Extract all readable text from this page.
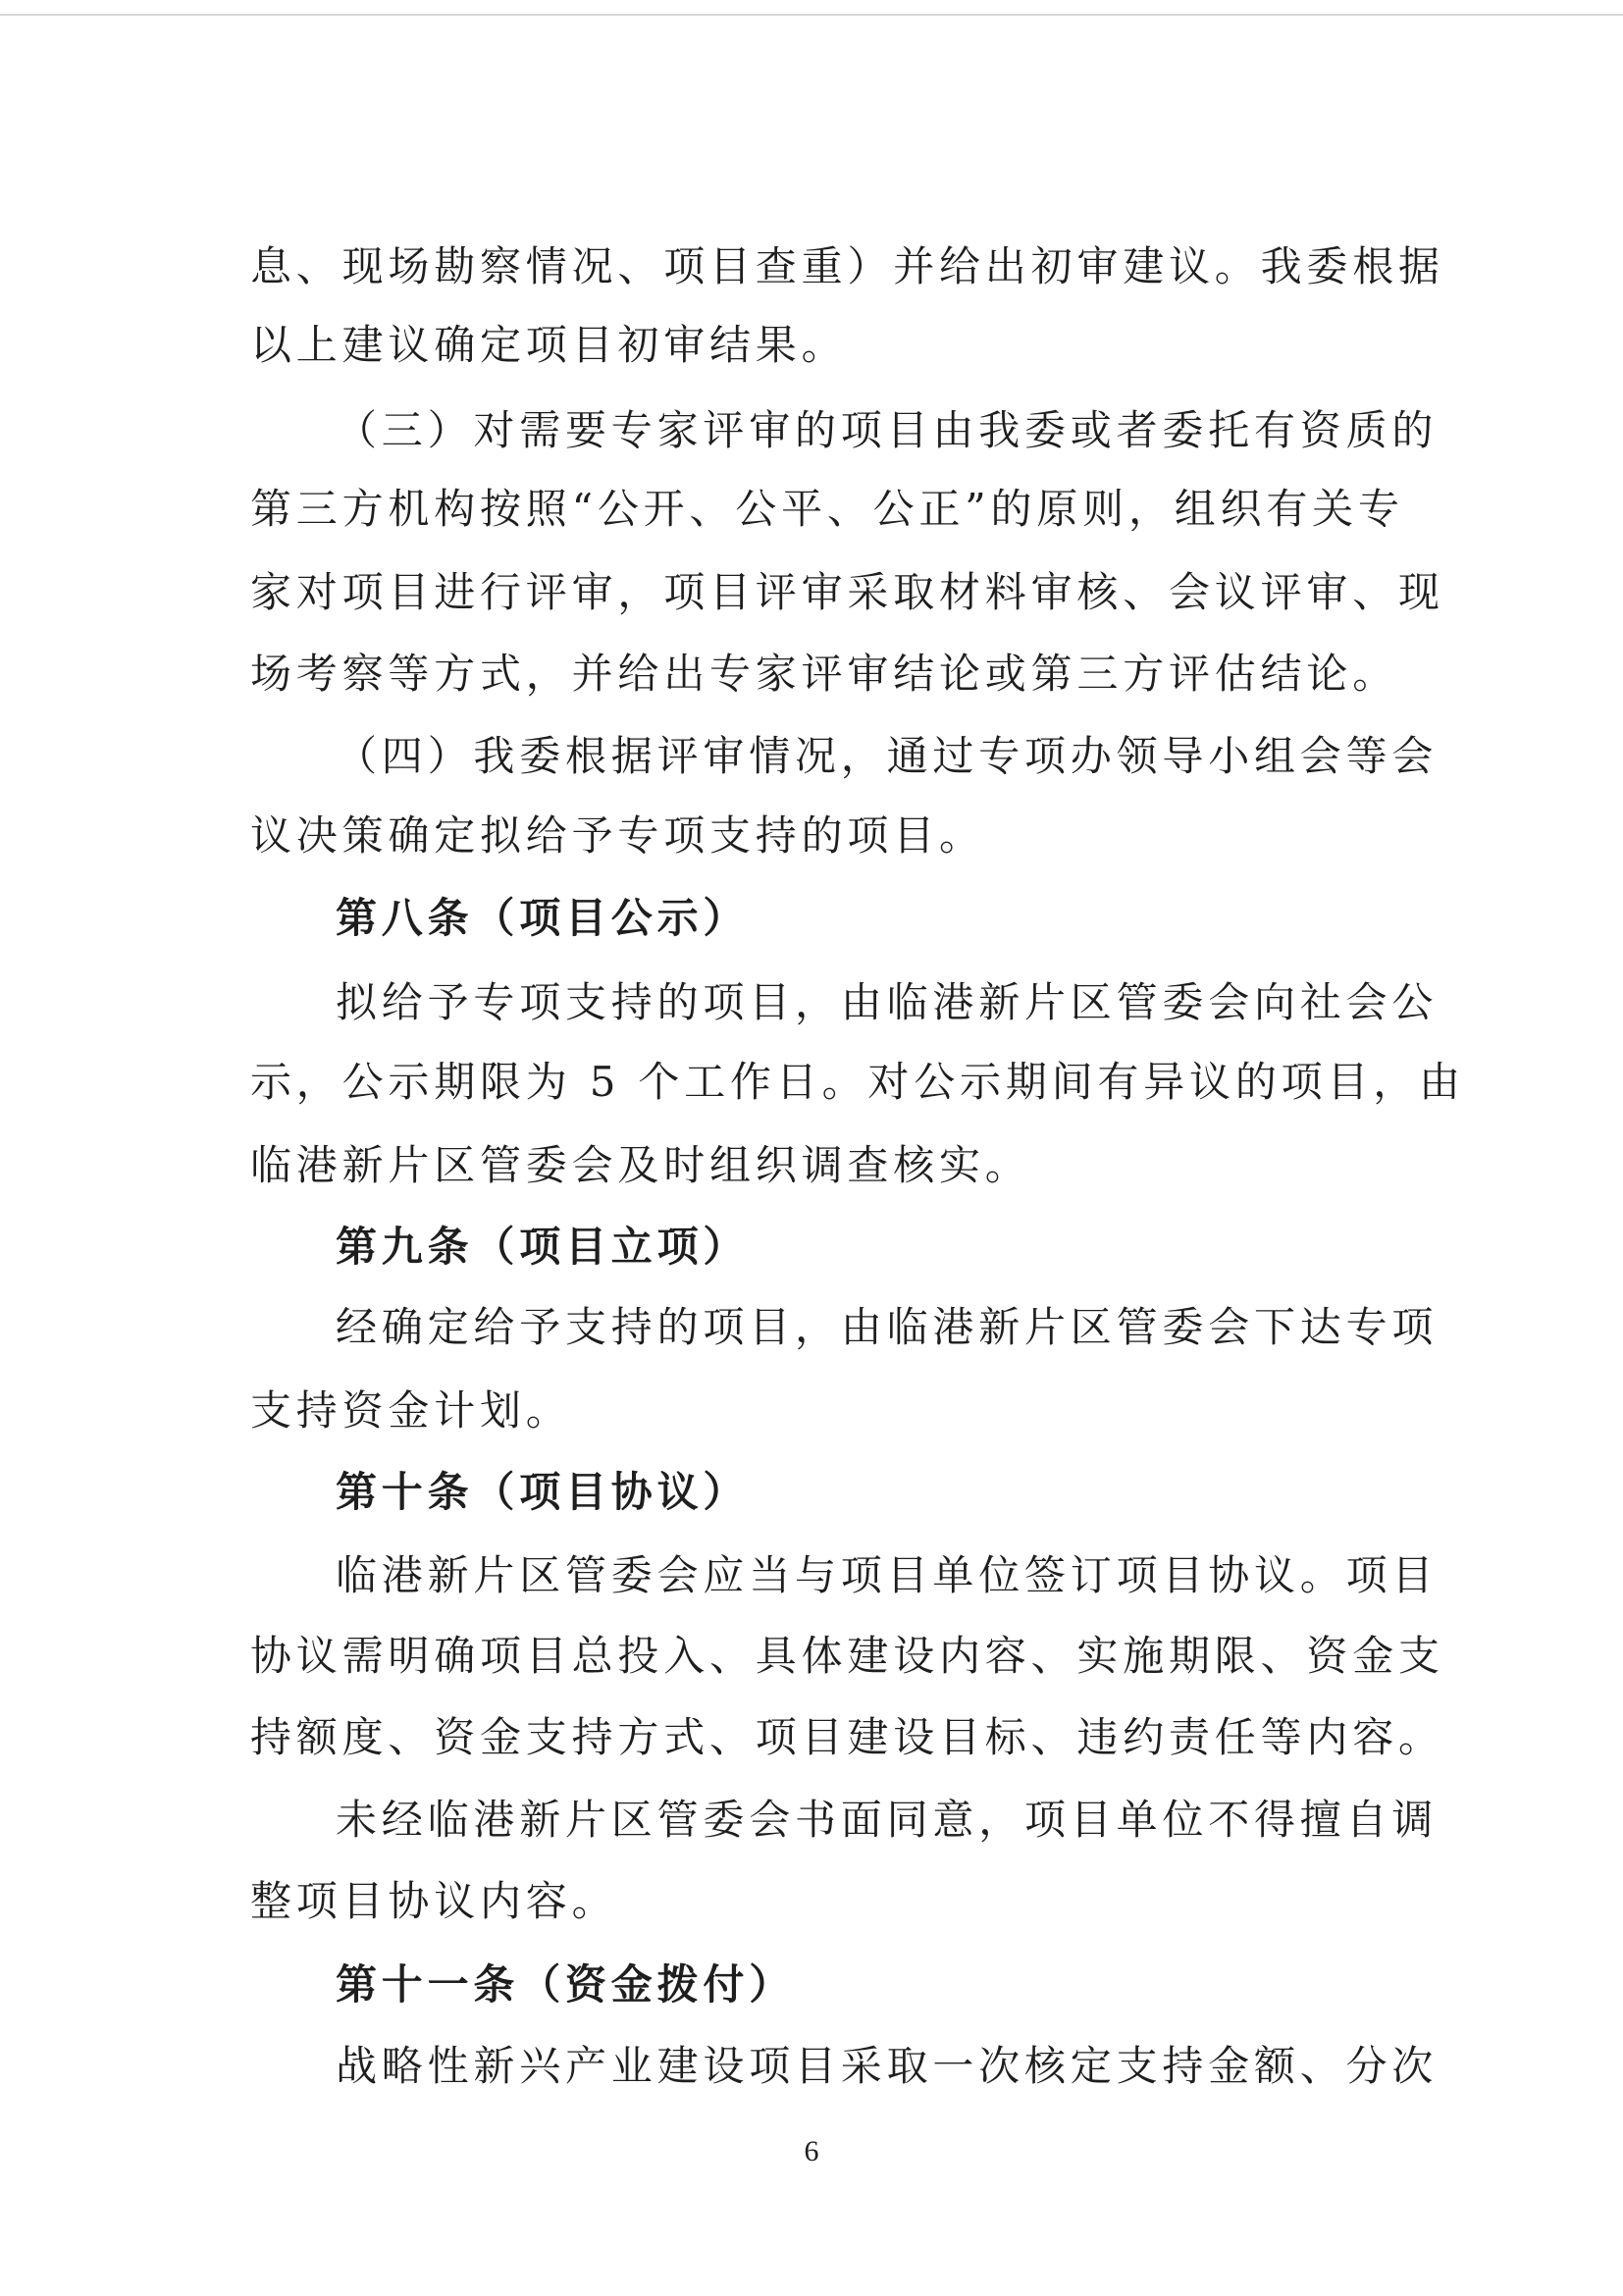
息、现场勘察情况、项目查重）并给出初审建议。我委根据
以上建议确定项目初审结果。
（三）对需要专家评审的项目由我委或者委托有资质的
第三方机构按照“公开、公平、公正”的原则，组织有关专
家对项目进行评审，项目评审采取材料审核、会议评审、现
场考察等方式，并给出专家评审结论或第三方评估结论。
（四）我委根据评审情况，通过专项办领导小组会等会
议决策确定拟给予专项支持的项目。
第八条（项目公示）
拟给予专项支持的项目，由临港新片区管委会向社会公
示，公示期限为 5 个工作日。对公示期间有异议的项目，由
临港新片区管委会及时组织调查核实。
第九条（项目立项）
经确定给予支持的项目，由临港新片区管委会下达专项
支持资金计划。
第十条（项目协议）
临港新片区管委会应当与项目单位签订项目协议。项目
协议需明确项目总投入、具体建设内容、实施期限、资金支
持额度、资金支持方式、项目建设目标、违约责任等内容。
未经临港新片区管委会书面同意，项目单位不得擅自调
整项目协议内容。
第十一条（资金拨付）
战略性新兴产业建设项目采取一次核定支持金额、分次
6
